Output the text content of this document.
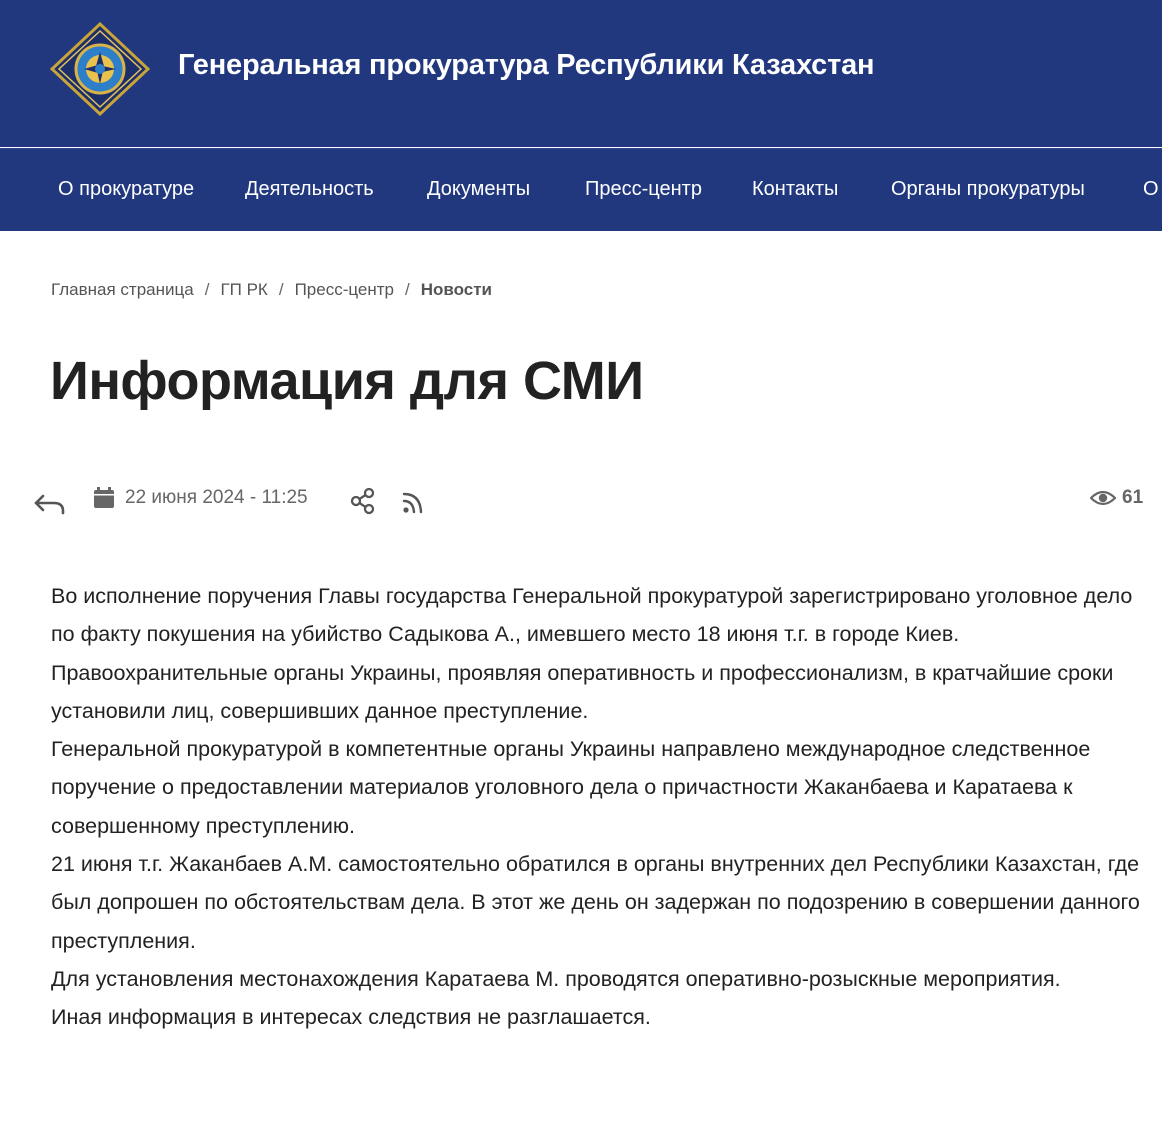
Генеральная прокуратура Республики Казахстан
О прокуратуре	Деятельность	Документы	Пресс-центр	Контакты	Органы прокуратуры	О
Главная страница / ГП РК / Пресс-центр / Новости
Информация для СМИ
22 июня 2024 - 11:25	61

Во исполнение поручения Главы государства Генеральной прокуратурой зарегистрировано уголовное дело по факту покушения на убийство Садыкова А., имевшего место 18 июня т.г. в городе Киев.

Правоохранительные органы Украины, проявляя оперативность и профессионализм, в кратчайшие сроки установили лиц, совершивших данное преступление.

Генеральной прокуратурой в компетентные органы Украины направлено международное следственное поручение о предоставлении материалов уголовного дела о причастности Жаканбаева и Каратаева к совершенному преступлению.

21 июня т.г. Жаканбаев А.М. самостоятельно обратился в органы внутренних дел Республики Казахстан, где был допрошен по обстоятельствам дела. В этот же день он задержан по подозрению в совершении данного преступления.

Для установления местонахождения Каратаева М. проводятся оперативно-розыскные мероприятия.

Иная информация в интересах следствия не разглашается.
